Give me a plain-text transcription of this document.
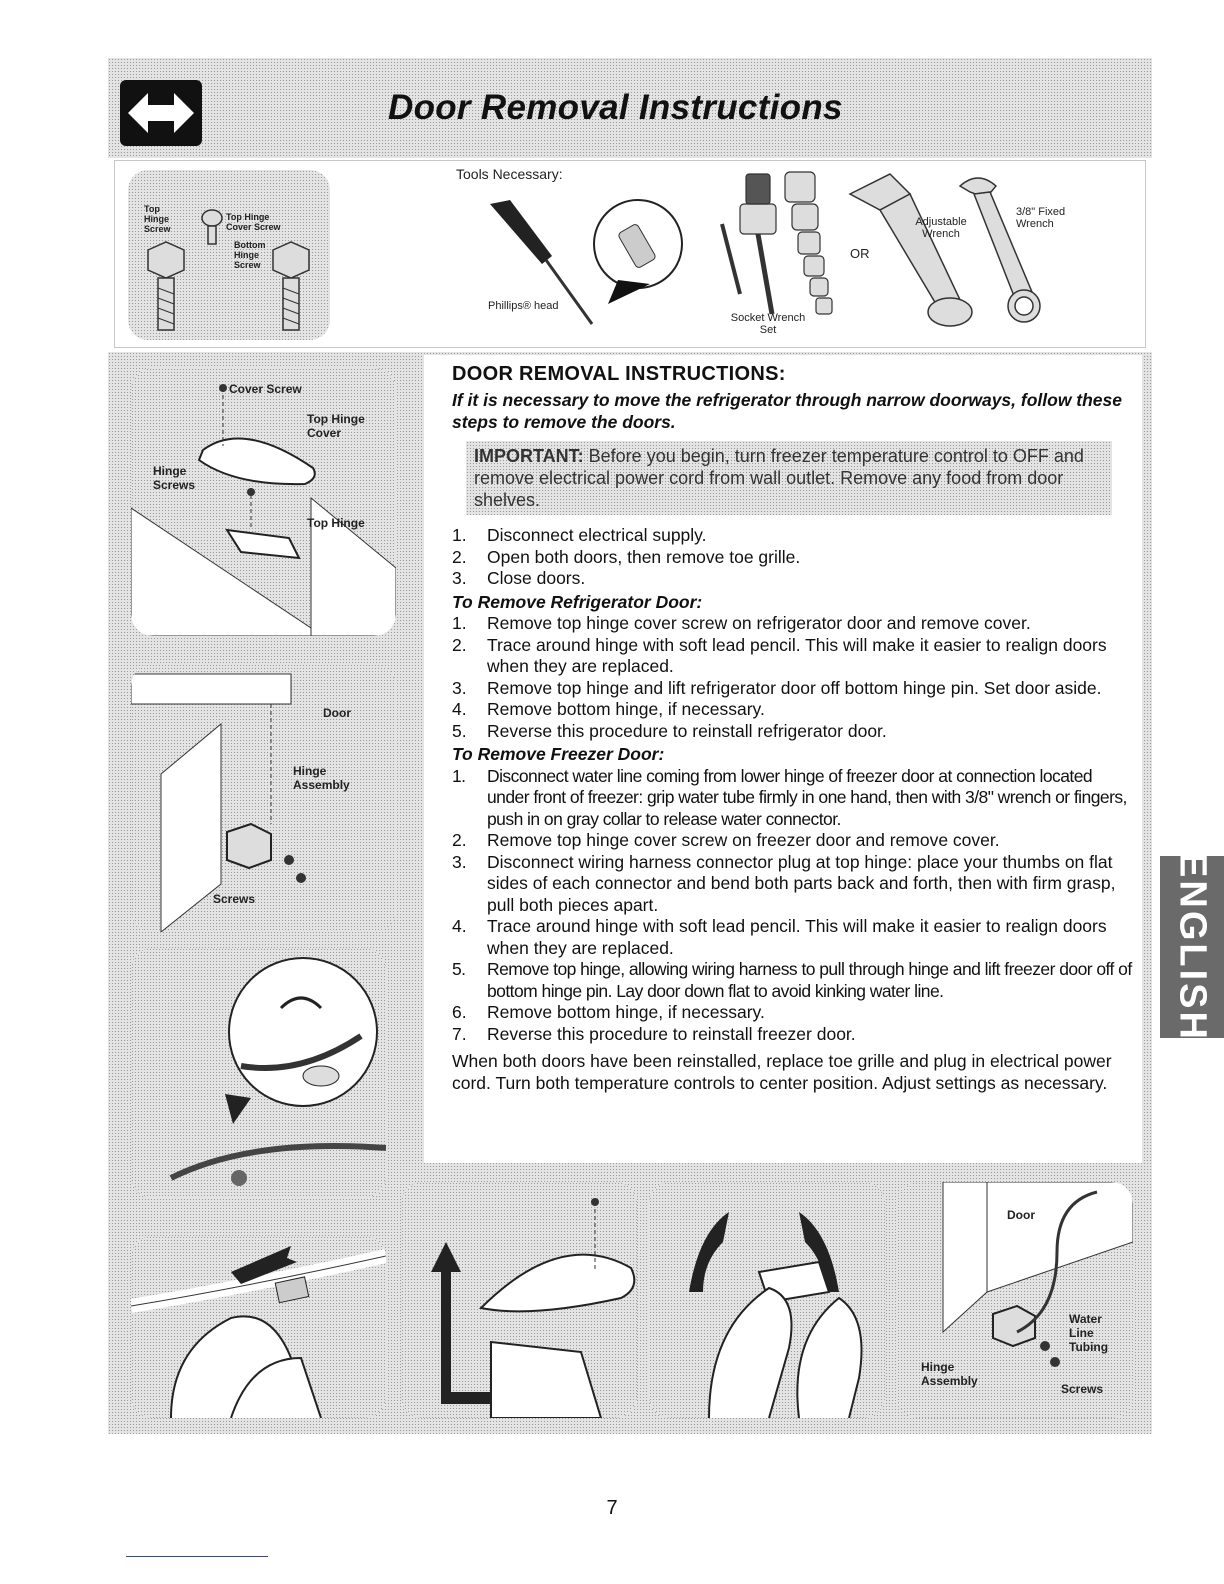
Door Removal Instructions
Top Hinge Screw
Top Hinge Cover Screw
Bottom Hinge Screw
Tools Necessary:
Phillips® head
Socket Wrench Set
OR
Adjustable Wrench
3/8" Fixed Wrench
Cover Screw
Top Hinge Cover
Hinge Screws
Top Hinge
Door
Hinge Assembly
Screws
Door
Water Line Tubing
Hinge Assembly
Screws
DOOR REMOVAL INSTRUCTIONS:

If it is necessary to move the refrigerator through narrow doorways, follow these steps to remove the doors.

IMPORTANT: Before you begin, turn freezer temperature control to OFF and remove electrical power cord from wall outlet. Remove any food from door shelves.
1. Disconnect electrical supply.
2. Open both doors, then remove toe grille.
3. Close doors.

To Remove Refrigerator Door:

1. Remove top hinge cover screw on refrigerator door and remove cover.
2. Trace around hinge with soft lead pencil. This will make it easier to realign doors when they are replaced.
3. Remove top hinge and lift refrigerator door off bottom hinge pin. Set door aside.
4. Remove bottom hinge, if necessary.
5. Reverse this procedure to reinstall refrigerator door.

To Remove Freezer Door:

1. Disconnect water line coming from lower hinge of freezer door at connection located under front of freezer: grip water tube firmly in one hand, then with 3/8" wrench or fingers, push in on gray collar to release water connector.
2. Remove top hinge cover screw on freezer door and remove cover.
3. Disconnect wiring harness connector plug at top hinge: place your thumbs on flat sides of each connector and bend both parts back and forth, then with firm grasp, pull both pieces apart.
4. Trace around hinge with soft lead pencil. This will make it easier to realign doors when they are replaced.
5. Remove top hinge, allowing wiring harness to pull through hinge and lift freezer door off of bottom hinge pin. Lay door down flat to avoid kinking water line.
6. Remove bottom hinge, if necessary.
7. Reverse this procedure to reinstall freezer door.

When both doors have been reinstalled, replace toe grille and plug in electrical power cord. Turn both temperature controls to center position. Adjust settings as necessary.

ENGLISH
7
